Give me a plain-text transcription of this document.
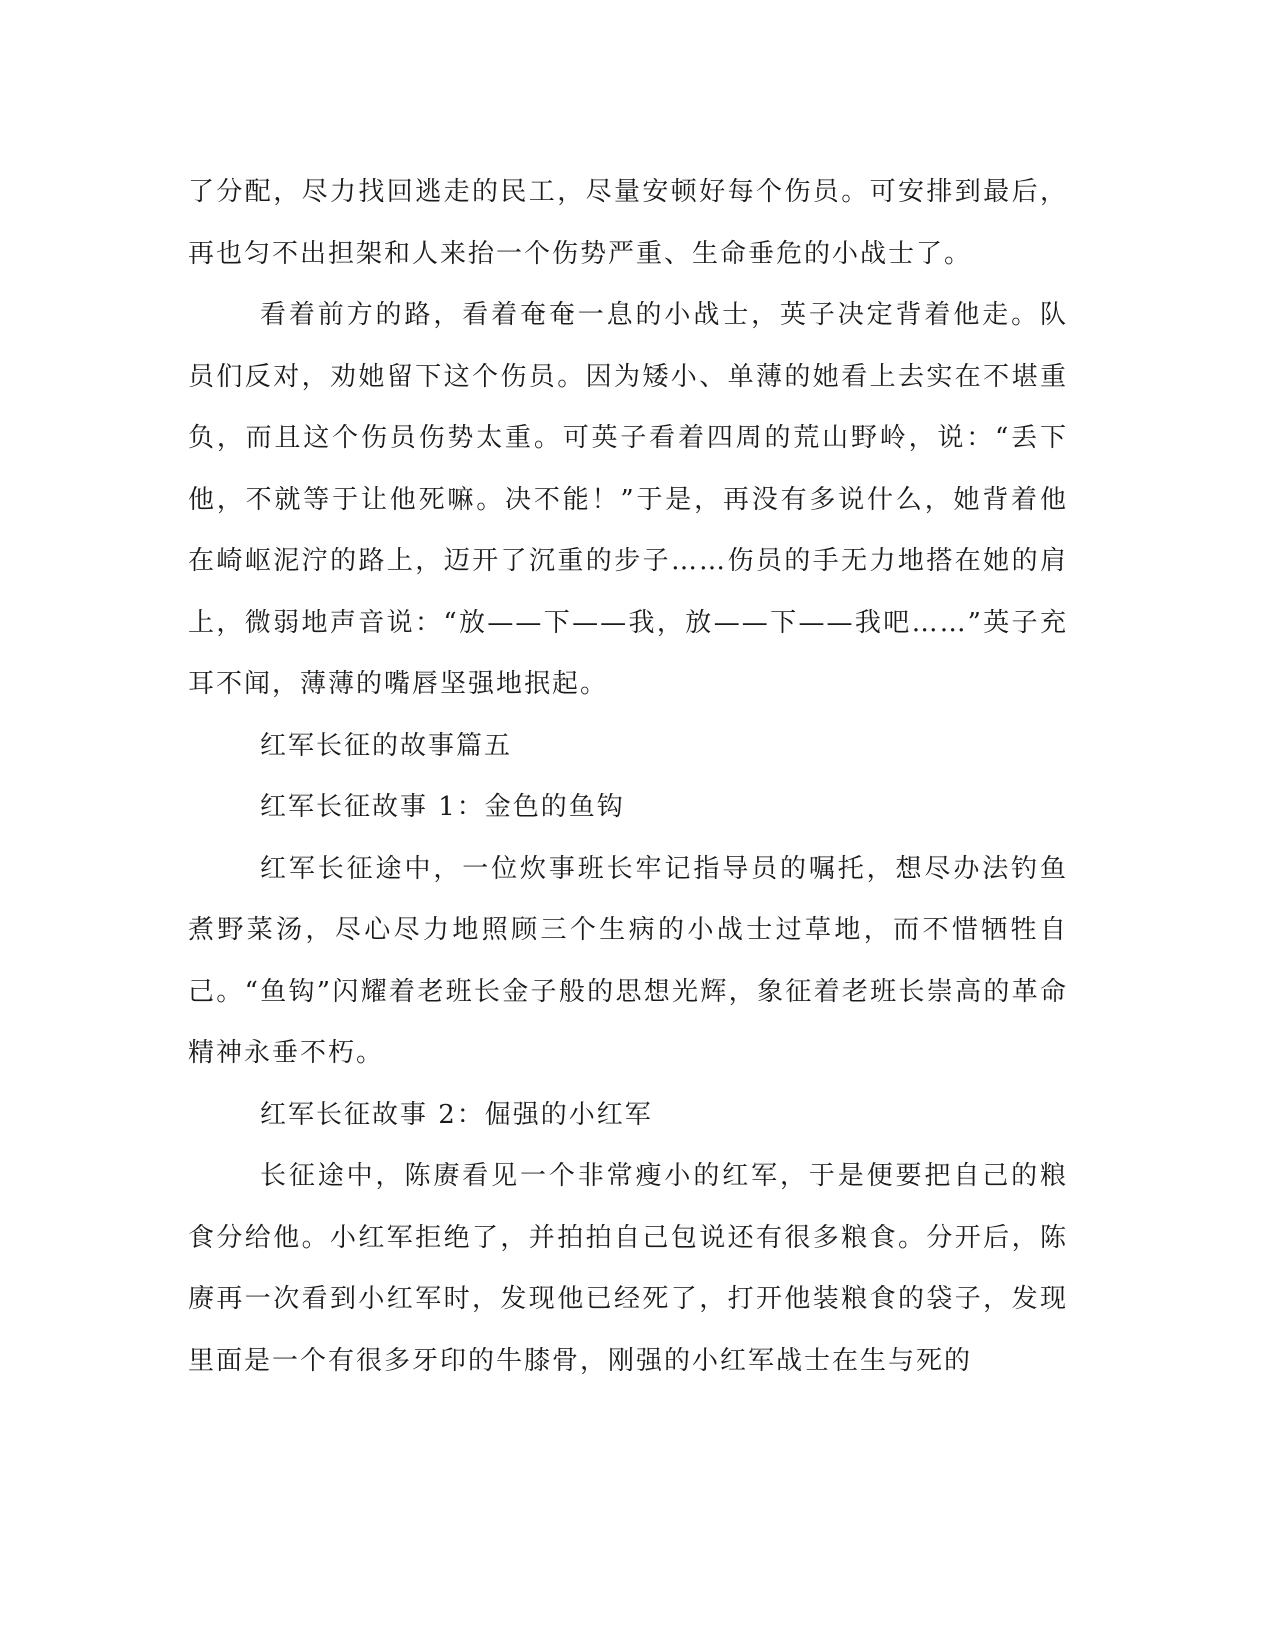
了分配，尽力找回逃走的民工，尽量安顿好每个伤员。可安排到最后，再也匀不出担架和人来抬一个伤势严重、生命垂危的小战士了。

看着前方的路，看着奄奄一息的小战士，英子决定背着他走。队员们反对，劝她留下这个伤员。因为矮小、单薄的她看上去实在不堪重负，而且这个伤员伤势太重。可英子看着四周的荒山野岭，说：“丢下他，不就等于让他死嘛。决不能！”于是，再没有多说什么，她背着他在崎岖泥泞的路上，迈开了沉重的步子……伤员的手无力地搭在她的肩上，微弱地声音说：“放——下——我，放——下——我吧……”英子充耳不闻，薄薄的嘴唇坚强地抿起。

红军长征的故事篇五

红军长征故事 1：金色的鱼钩

红军长征途中，一位炊事班长牢记指导员的嘱托，想尽办法钓鱼煮野菜汤，尽心尽力地照顾三个生病的小战士过草地，而不惜牺牲自己。“鱼钩”闪耀着老班长金子般的思想光辉，象征着老班长崇高的革命精神永垂不朽。

红军长征故事 2：倔强的小红军

长征途中，陈赓看见一个非常瘦小的红军，于是便要把自己的粮食分给他。小红军拒绝了，并拍拍自己包说还有很多粮食。分开后，陈赓再一次看到小红军时，发现他已经死了，打开他装粮食的袋子，发现里面是一个有很多牙印的牛膝骨，刚强的小红军战士在生与死的
